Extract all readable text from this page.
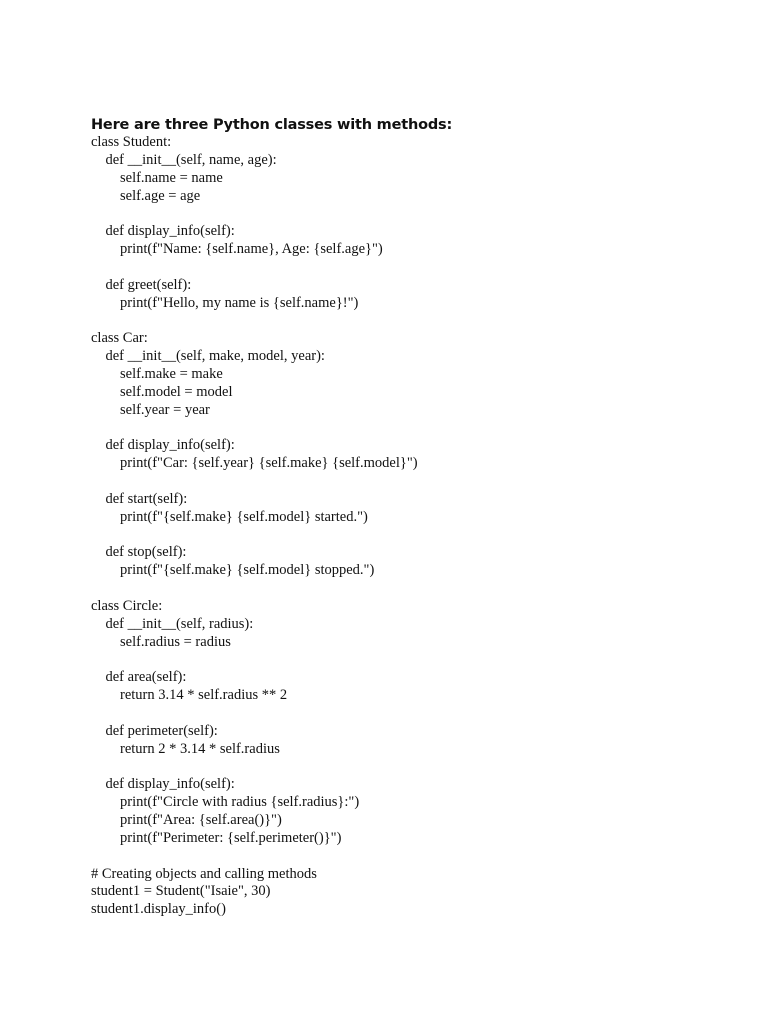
Here are three Python classes with methods:
class Student:
def __init__(self, name, age):
self.name = name
self.age = age
def display_info(self):
print(f"Name: {self.name}, Age: {self.age}")
def greet(self):
print(f"Hello, my name is {self.name}!")
class Car:
def __init__(self, make, model, year):
self.make = make
self.model = model
self.year = year
def display_info(self):
print(f"Car: {self.year} {self.make} {self.model}")
def start(self):
print(f"{self.make} {self.model} started.")
def stop(self):
print(f"{self.make} {self.model} stopped.")
class Circle:
def __init__(self, radius):
self.radius = radius
def area(self):
return 3.14 * self.radius ** 2
def perimeter(self):
return 2 * 3.14 * self.radius
def display_info(self):
print(f"Circle with radius {self.radius}:")
print(f"Area: {self.area()}")
print(f"Perimeter: {self.perimeter()}")
# Creating objects and calling methods
student1 = Student("Isaie", 30)
student1.display_info()
